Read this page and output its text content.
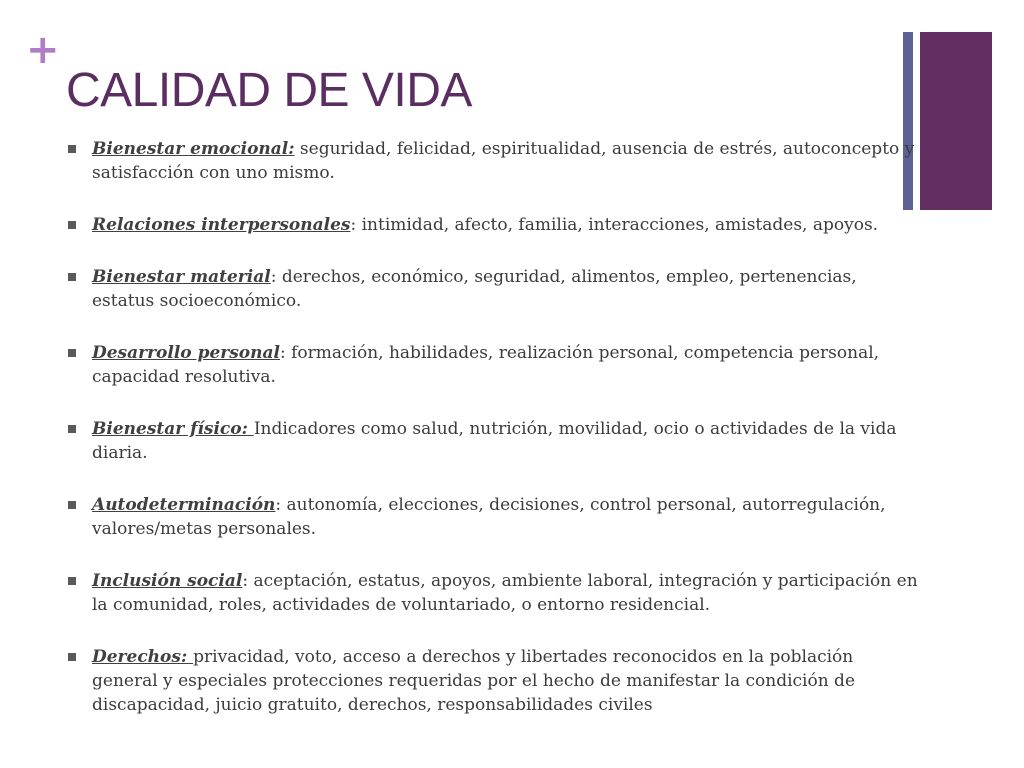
+
CALIDAD DE VIDA
Bienestar emocional: seguridad, felicidad, espiritualidad, ausencia de estrés, autoconcepto y satisfacción con uno mismo.
Relaciones interpersonales: intimidad, afecto, familia, interacciones, amistades, apoyos.
Bienestar material: derechos, económico, seguridad, alimentos, empleo, pertenencias, estatus socioeconómico.
Desarrollo personal: formación, habilidades, realización personal, competencia personal, capacidad resolutiva.
Bienestar físico: Indicadores como salud, nutrición, movilidad, ocio o actividades de la vida diaria.
Autodeterminación: autonomía, elecciones, decisiones, control personal, autorregulación, valores/metas personales.
Inclusión social: aceptación, estatus, apoyos, ambiente laboral, integración y participación en la comunidad, roles, actividades de voluntariado, o entorno residencial.
Derechos: privacidad, voto, acceso a derechos y libertades reconocidos en la población general y especiales protecciones requeridas por el hecho de manifestar la condición de discapacidad, juicio gratuito, derechos, responsabilidades civiles
